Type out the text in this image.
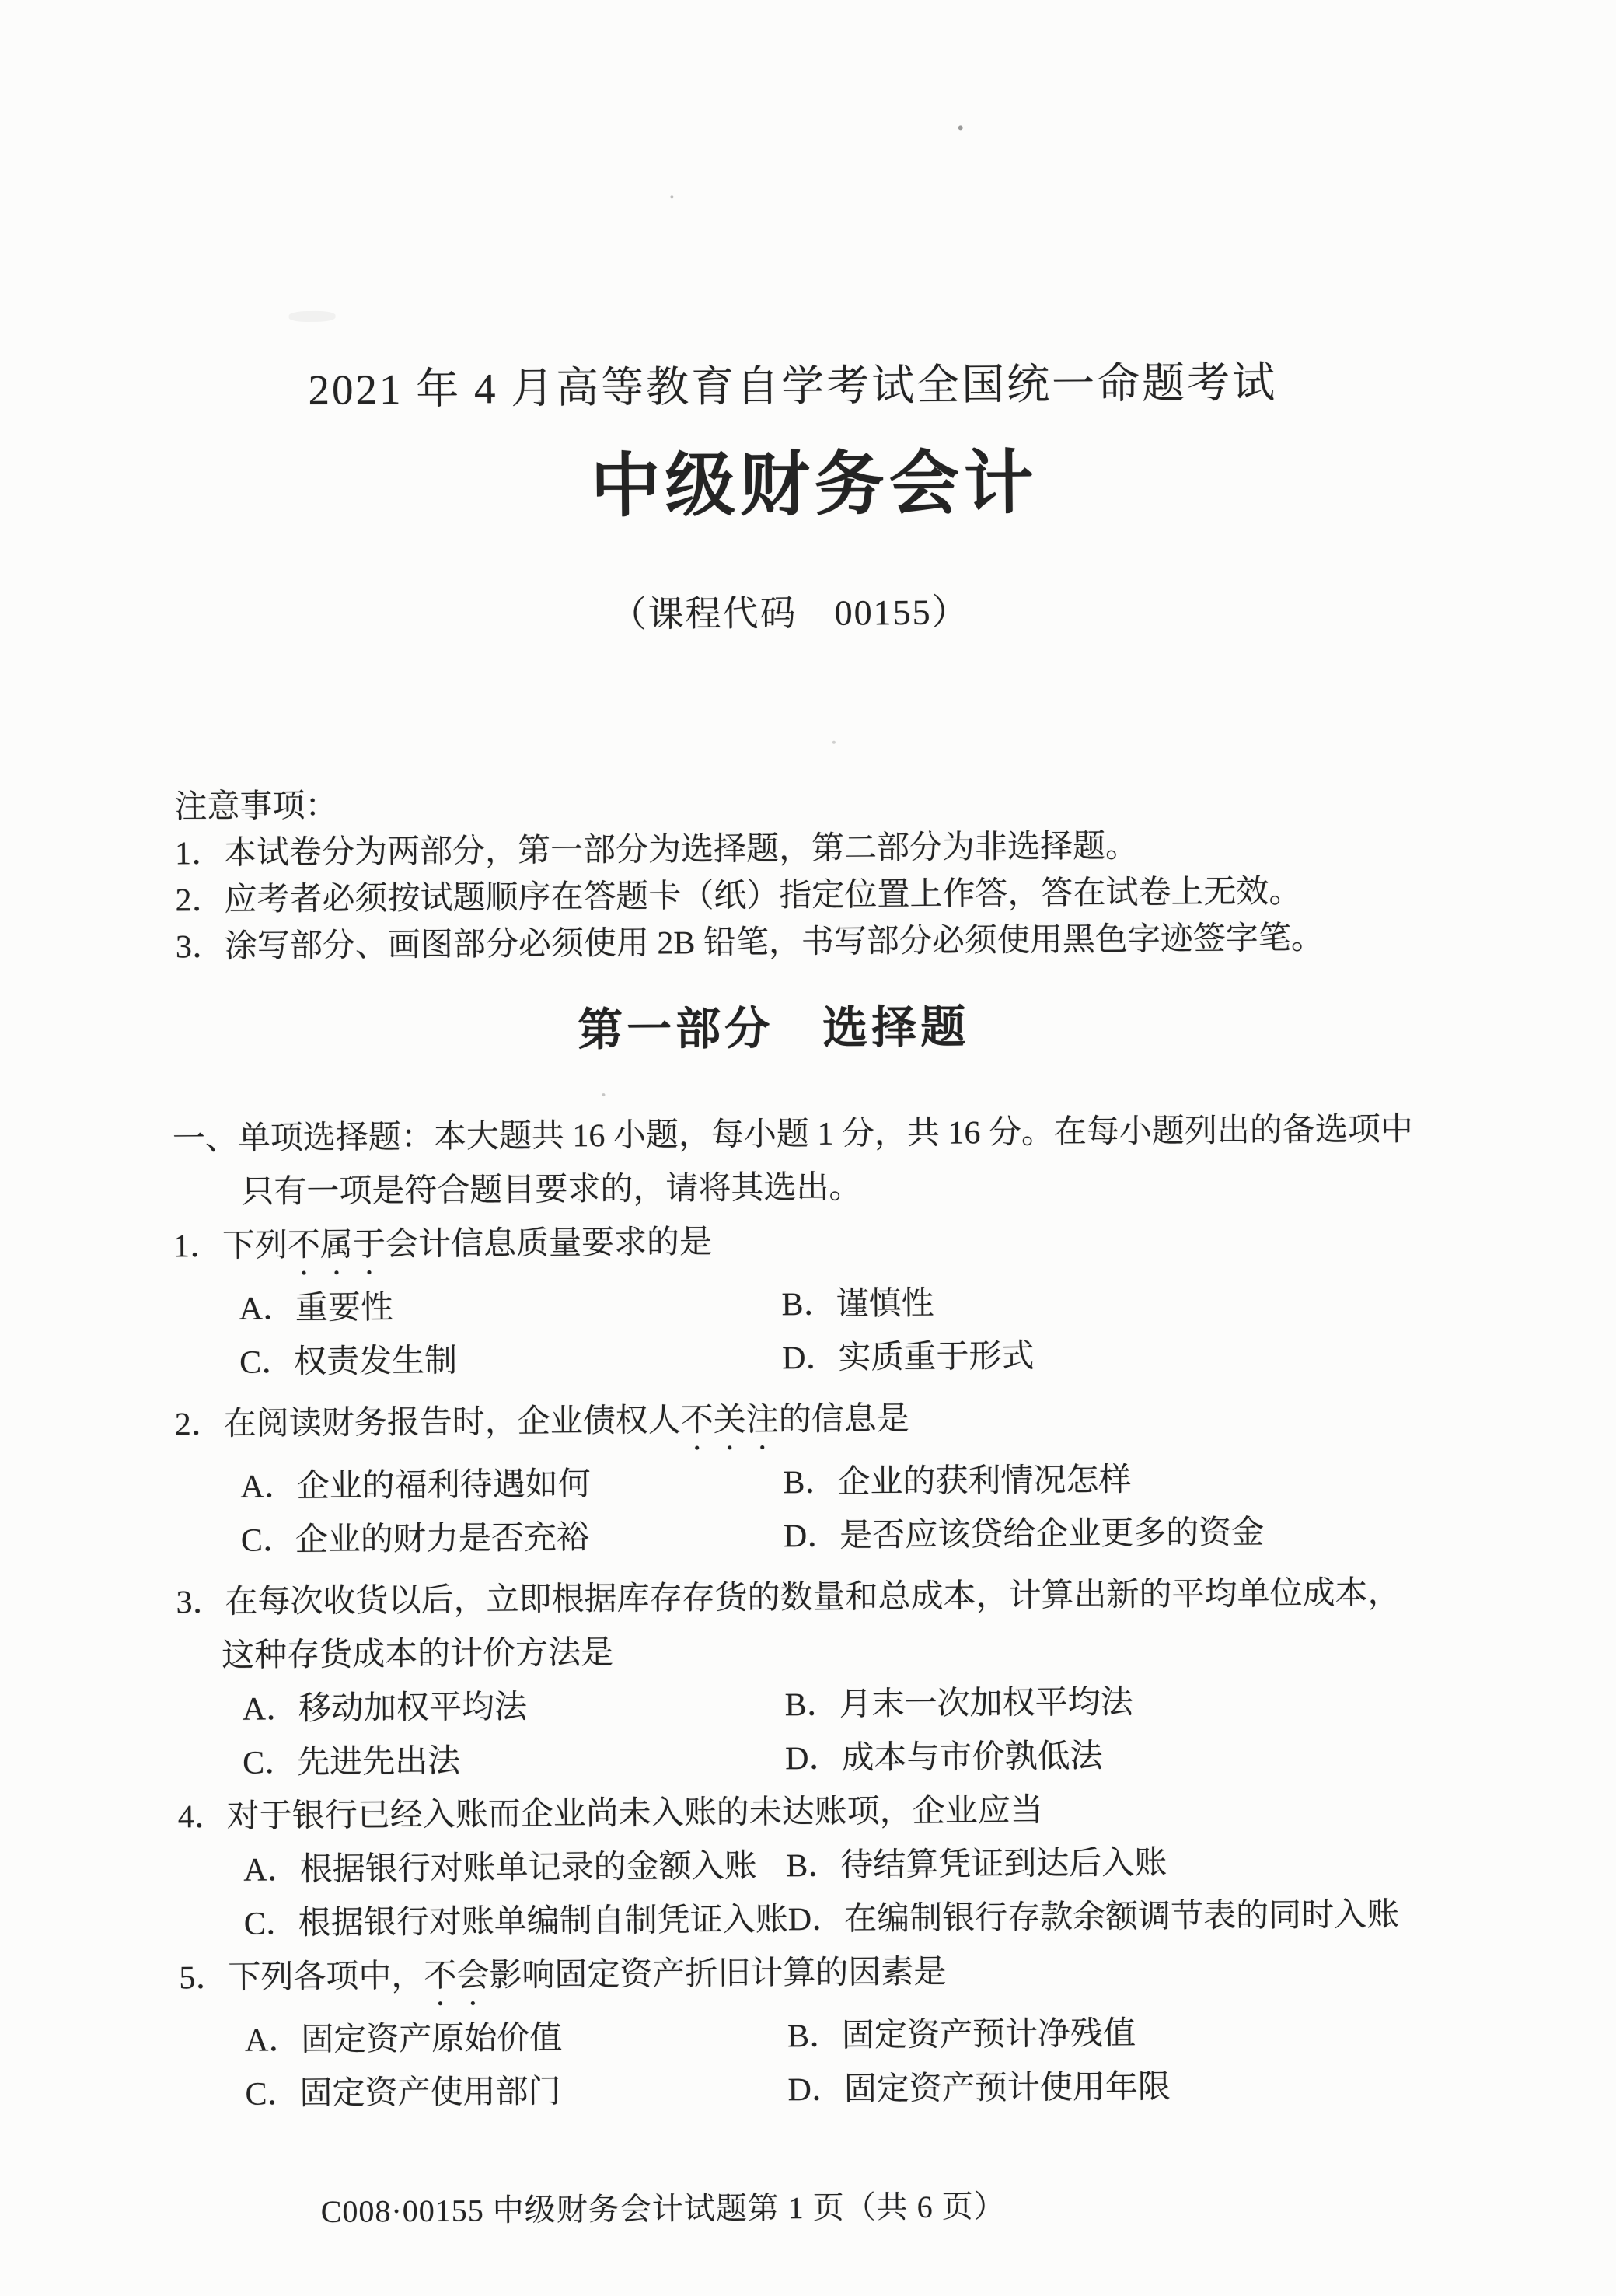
2021 年 4 月高等教育自学考试全国统一命题考试
中级财务会计
（课程代码　00155）
注意事项：
1．本试卷分为两部分，第一部分为选择题，第二部分为非选择题。
2．应考者必须按试题顺序在答题卡（纸）指定位置上作答，答在试卷上无效。
3．涂写部分、画图部分必须使用 2B 铅笔，书写部分必须使用黑色字迹签字笔。
第一部分　选择题
一、单项选择题：本大题共 16 小题，每小题 1 分，共 16 分。在每小题列出的备选项中
只有一项是符合题目要求的，请将其选出。
1．下列不属于会计信息质量要求的是
A．重要性	B．谨慎性
C．权责发生制	D．实质重于形式
2．在阅读财务报告时，企业债权人不关注的信息是
A．企业的福利待遇如何	B．企业的获利情况怎样
C．企业的财力是否充裕	D．是否应该贷给企业更多的资金
3．在每次收货以后，立即根据库存存货的数量和总成本，计算出新的平均单位成本，
这种存货成本的计价方法是
A．移动加权平均法	B．月末一次加权平均法
C．先进先出法	D．成本与市价孰低法
4．对于银行已经入账而企业尚未入账的未达账项，企业应当
A．根据银行对账单记录的金额入账 B．待结算凭证到达后入账
C．根据银行对账单编制自制凭证入账 D．在编制银行存款余额调节表的同时入账
5．下列各项中，不会影响固定资产折旧计算的因素是
A．固定资产原始价值	B．固定资产预计净残值
C．固定资产使用部门	D．固定资产预计使用年限
C008·00155 中级财务会计试题第 1 页（共 6 页）
